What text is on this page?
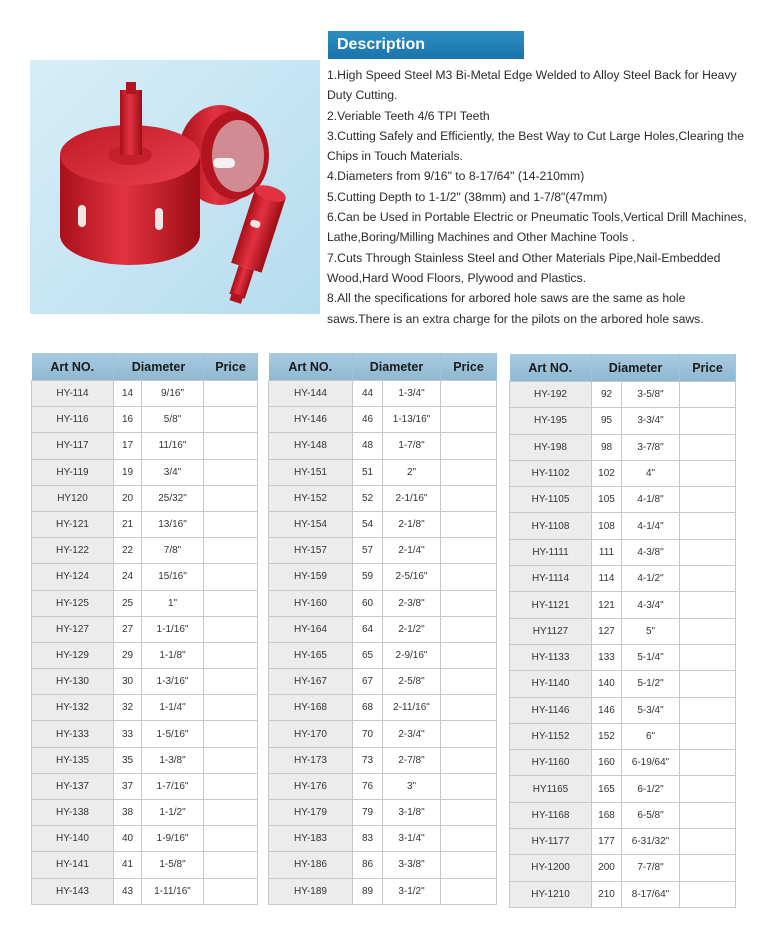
Description

1.High Speed Steel M3 Bi-Metal Edge Welded to Alloy Steel Back for Heavy Duty Cutting.

2.Veriable Teeth 4/6 TPI Teeth

3.Cutting Safely and Efficiently, the Best Way to Cut Large Holes,Clearing the Chips in Touch Materials.

4.Diameters from 9/16" to 8-17/64" (14-210mm)

5.Cutting Depth to 1-1/2" (38mm) and 1-7/8"(47mm)

6.Can be Used in Portable Electric or Pneumatic Tools,Vertical Drill Machines, Lathe,Boring/Milling Machines and Other Machine Tools .

7.Cuts Through Stainless Steel and Other Materials Pipe,Nail-Embedded Wood,Hard Wood Floors, Plywood and Plastics.

8.All the specifications for arbored hole saws are the same as hole saws.There is an extra charge for the pilots on the arbored hole saws.

Art NO.	Diameter		Price
HY-114	14	9/16"	
HY-116	16	5/8"	
HY-117	17	11/16"	
HY-119	19	3/4"	
HY120	20	25/32"	
HY-121	21	13/16"	
HY-122	22	7/8"	
HY-124	24	15/16"	
HY-125	25	1"	
HY-127	27	1-1/16"	
HY-129	29	1-1/8"	
HY-130	30	1-3/16"	
HY-132	32	1-1/4"	
HY-133	33	1-5/16"	
HY-135	35	1-3/8"	
HY-137	37	1-7/16"	
HY-138	38	1-1/2"	
HY-140	40	1-9/16"	
HY-141	41	1-5/8"	
HY-143	43	1-11/16"	
Art NO.	Diameter		Price
HY-144	44	1-3/4"	
HY-146	46	1-13/16"	
HY-148	48	1-7/8"	
HY-151	51	2"	
HY-152	52	2-1/16"	
HY-154	54	2-1/8"	
HY-157	57	2-1/4"	
HY-159	59	2-5/16"	
HY-160	60	2-3/8"	
HY-164	64	2-1/2"	
HY-165	65	2-9/16"	
HY-167	67	2-5/8"	
HY-168	68	2-11/16"	
HY-170	70	2-3/4"	
HY-173	73	2-7/8"	
HY-176	76	3"	
HY-179	79	3-1/8"	
HY-183	83	3-1/4"	
HY-186	86	3-3/8"	
HY-189	89	3-1/2"	
Art NO.	Diameter		Price
HY-192	92	3-5/8"	
HY-195	95	3-3/4"	
HY-198	98	3-7/8"	
HY-1102	102	4"	
HY-1105	105	4-1/8"	
HY-1108	108	4-1/4"	
HY-1111	111	4-3/8"	
HY-1114	114	4-1/2"	
HY-1121	121	4-3/4"	
HY1127	127	5"	
HY-1133	133	5-1/4"	
HY-1140	140	5-1/2"	
HY-1146	146	5-3/4"	
HY-1152	152	6"	
HY-1160	160	6-19/64"	
HY1165	165	6-1/2"	
HY-1168	168	6-5/8"	
HY-1177	177	6-31/32"	
HY-1200	200	7-7/8"	
HY-1210	210	8-17/64"	
